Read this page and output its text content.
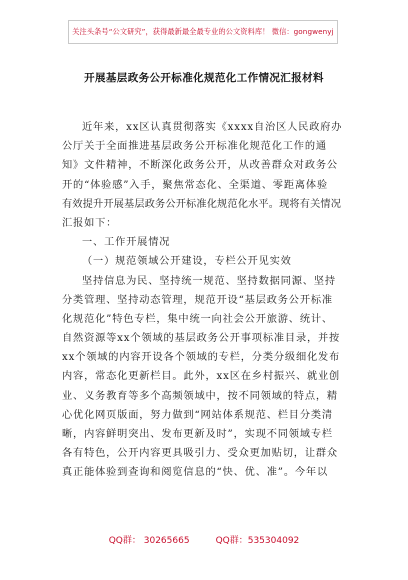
关注头条号“公文研究”，获得最新最全最专业的公文资料库！ 微信：gongwenyj
开展基层政务公开标准化规范化工作情况汇报材料
近年来，xx区认真贯彻落实《xxxx自治区人民政府办
公厅关于全面推进基层政务公开标准化规范化工作的通
知》文件精神，不断深化政务公开，从改善群众对政务公
开的“体验感”入手，聚焦常态化、全渠道、零距离体验
有效提升开展基层政务公开标准化规范化水平。现将有关情况
汇报如下：
一、工作开展情况
（一）规范领域公开建设，专栏公开见实效
坚持信息为民、坚持统一规范、坚持数据同源、坚持
分类管理、坚持动态管理，规范开设“基层政务公开标准
化规范化”特色专栏，集中统一向社会公开旅游、统计、
自然资源等xx个领域的基层政务公开事项标准目录，并按
xx个领域的内容开设各个领域的专栏，分类分级细化发布
内容，常态化更新栏目。此外，xx区在乡村振兴、就业创
业、义务教育等多个高频领域中，按不同领域的特点，精
心优化网页版面，努力做到“网站体系规范、栏目分类清
晰，内容鲜明突出、发布更新及时”，实现不同领域专栏
各有特色，公开内容更具吸引力、受众更加贴切，让群众
真正能体验到查询和阅览信息的“快、优、准”。今年以
QQ群： 30265665	QQ群：535304092
